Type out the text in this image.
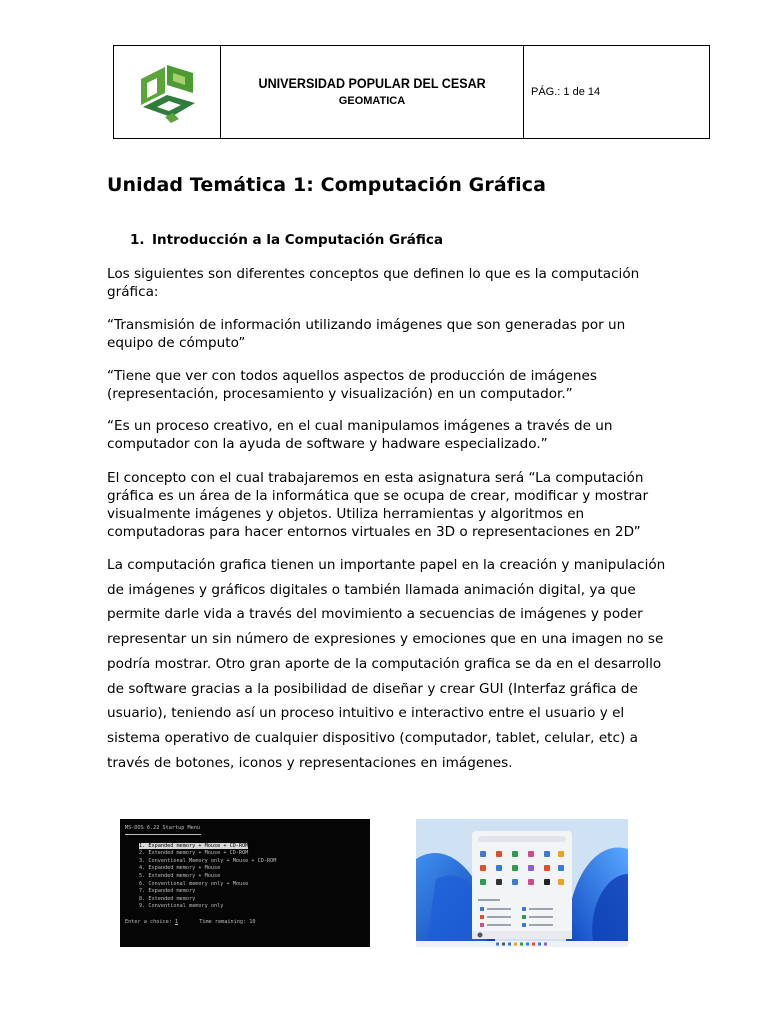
UNIVERSIDAD POPULAR DEL CESAR
GEOMATICA
PÁG.: 1 de 14
Unidad Temática 1: Computación Gráfica
1. Introducción a la Computación Gráfica

Los siguientes son diferentes conceptos que definen lo que es la computación gráfica:

“Transmisión de información utilizando imágenes que son generadas por un equipo de cómputo”

“Tiene que ver con todos aquellos aspectos de producción de imágenes (representación, procesamiento y visualización) en un computador.”

“Es un proceso creativo, en el cual manipulamos imágenes a través de un computador con la ayuda de software y hadware especializado.”

El concepto con el cual trabajaremos en esta asignatura será “La computación gráfica es un área de la informática que se ocupa de crear, modificar y mostrar visualmente imágenes y objetos. Utiliza herramientas y algoritmos en computadoras para hacer entornos virtuales en 3D o representaciones en 2D”

La computación grafica tienen un importante papel en la creación y manipulación de imágenes y gráficos digitales o también llamada animación digital, ya que permite darle vida a través del movimiento a secuencias de imágenes y poder representar un sin número de expresiones y emociones que en una imagen no se podría mostrar. Otro gran aporte de la computación grafica se da en el desarrollo de software gracias a la posibilidad de diseñar y crear GUI (Interfaz gráfica de usuario), teniendo así un proceso intuitivo e interactivo entre el usuario y el sistema operativo de cualquier dispositivo (computador, tablet, celular, etc) a través de botones, iconos y representaciones en imágenes.

MS-DOS 6.22 Startup Menu
1. Expanded memory + Mouse + CD-ROM
2. Extended memory + Mouse + CD-ROM
3. Conventional Memory only + Mouse + CD-ROM
4. Expanded memory + Mouse
5. Extended memory + Mouse
6. Conventional memory only + Mouse
7. Expanded memory
8. Extended memory
9. Conventional memory only
Enter a choice: 1	Time remaining: 10
